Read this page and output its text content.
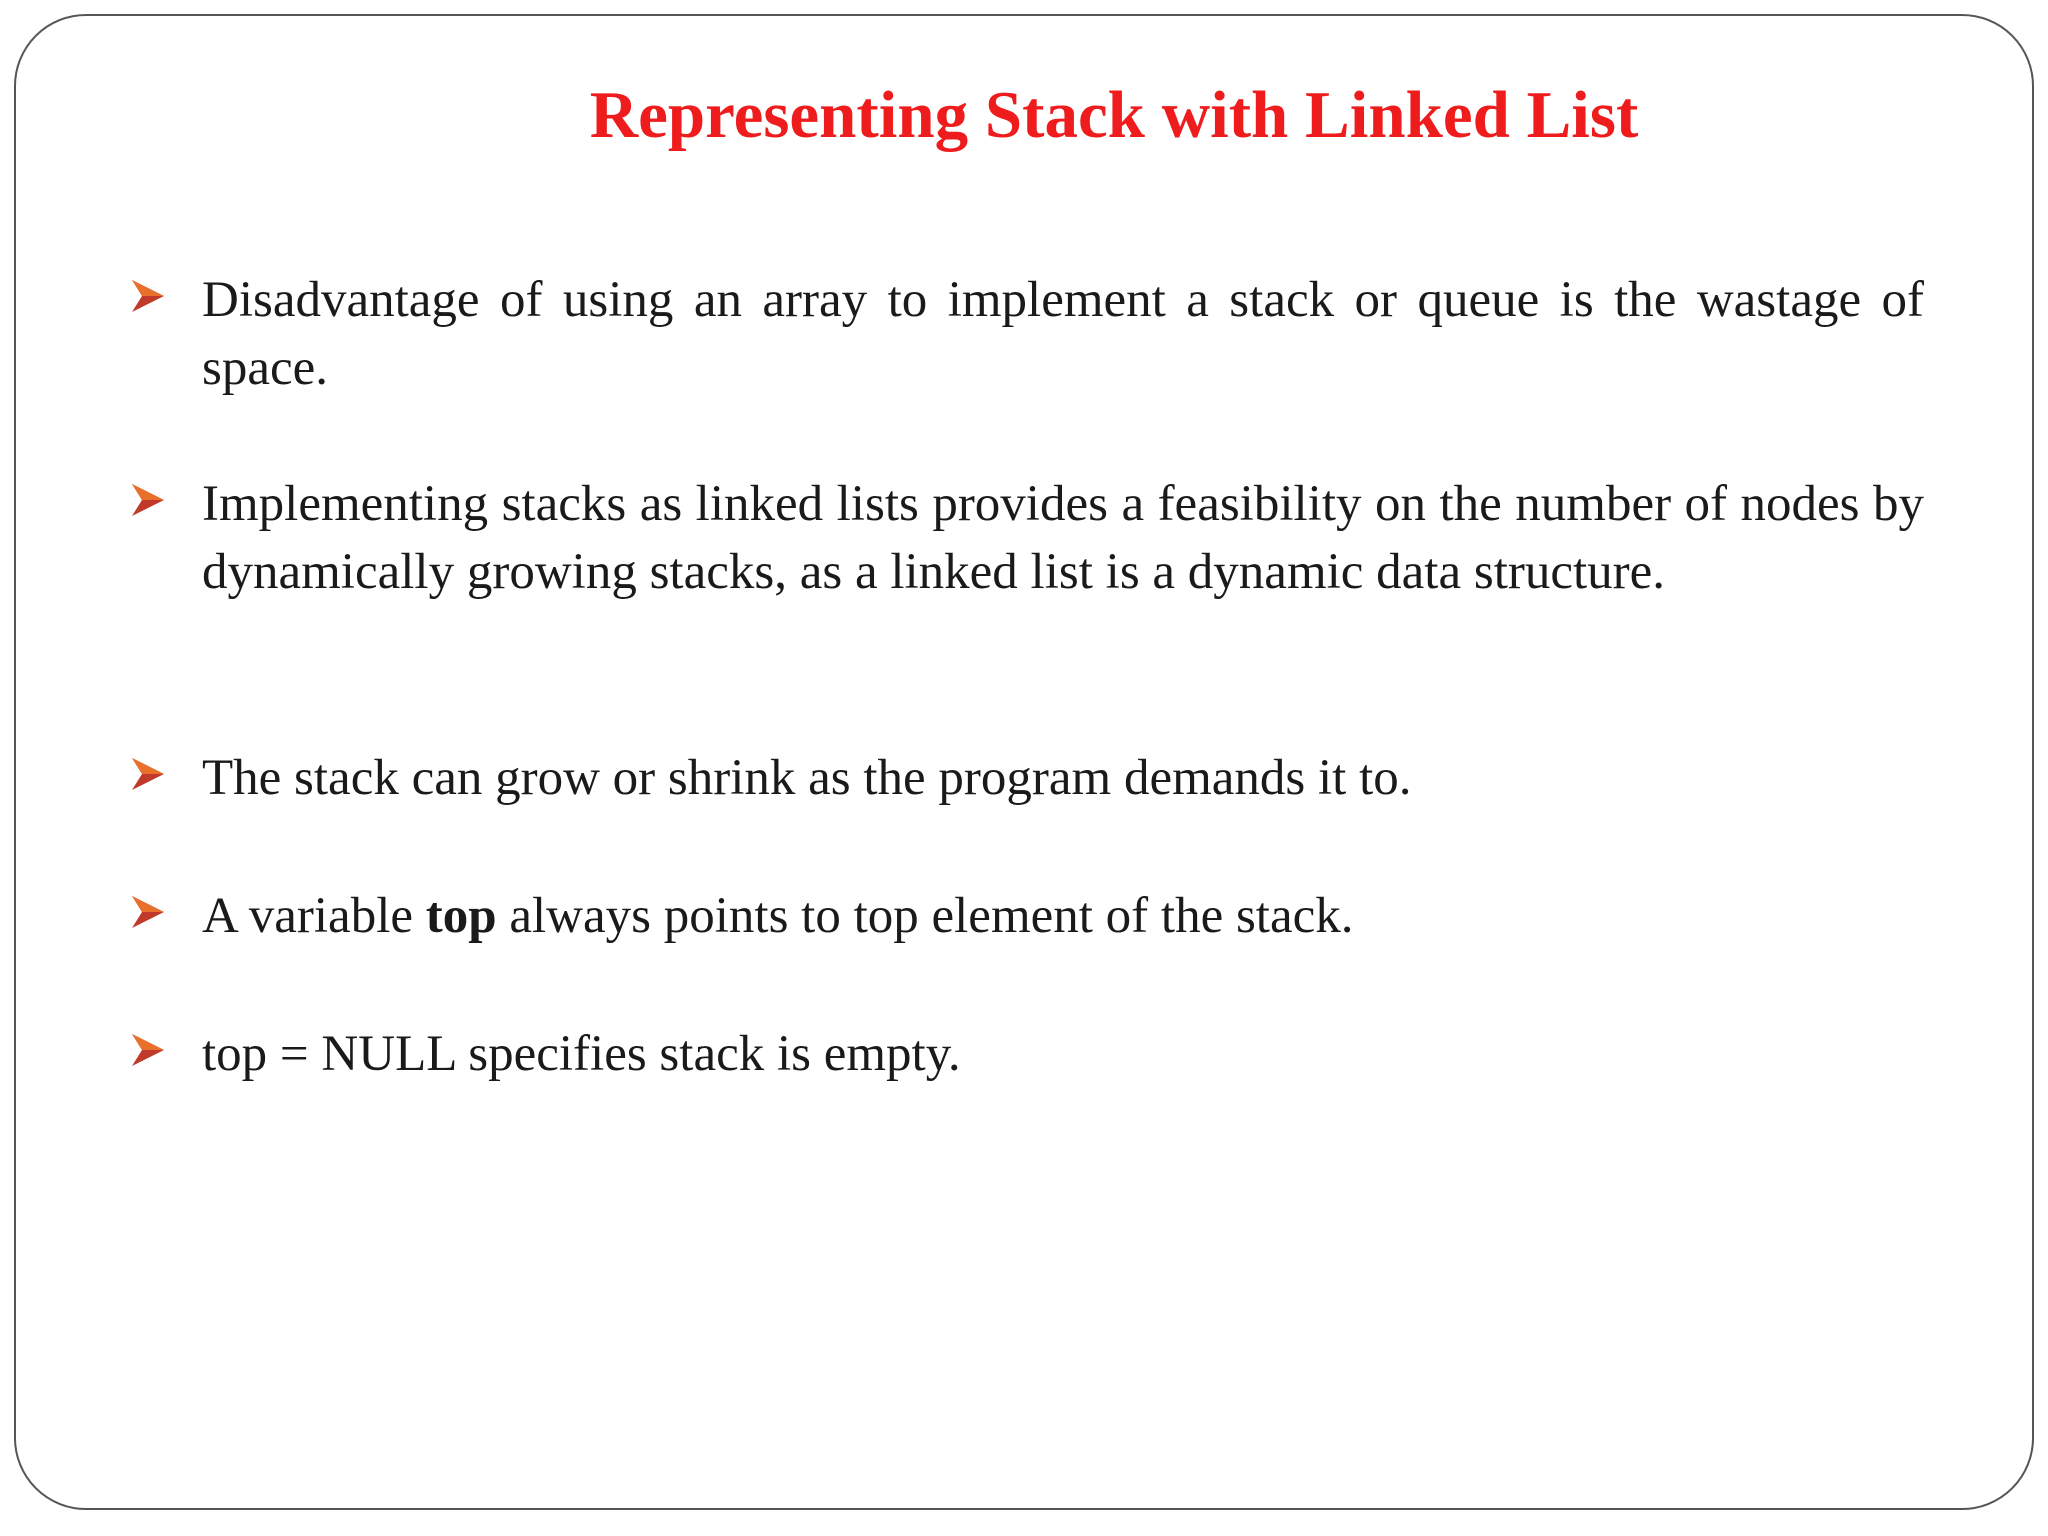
Representing Stack with Linked List
Disadvantage of using an array to implement a stack or queue is the wastage of space.
Implementing stacks as linked lists provides a feasibility on the number of nodes by dynamically growing stacks, as a linked list is a dynamic data structure.
The stack can grow or shrink as the program demands it to.
A variable top always points to top element of the stack.
top = NULL specifies stack is empty.
